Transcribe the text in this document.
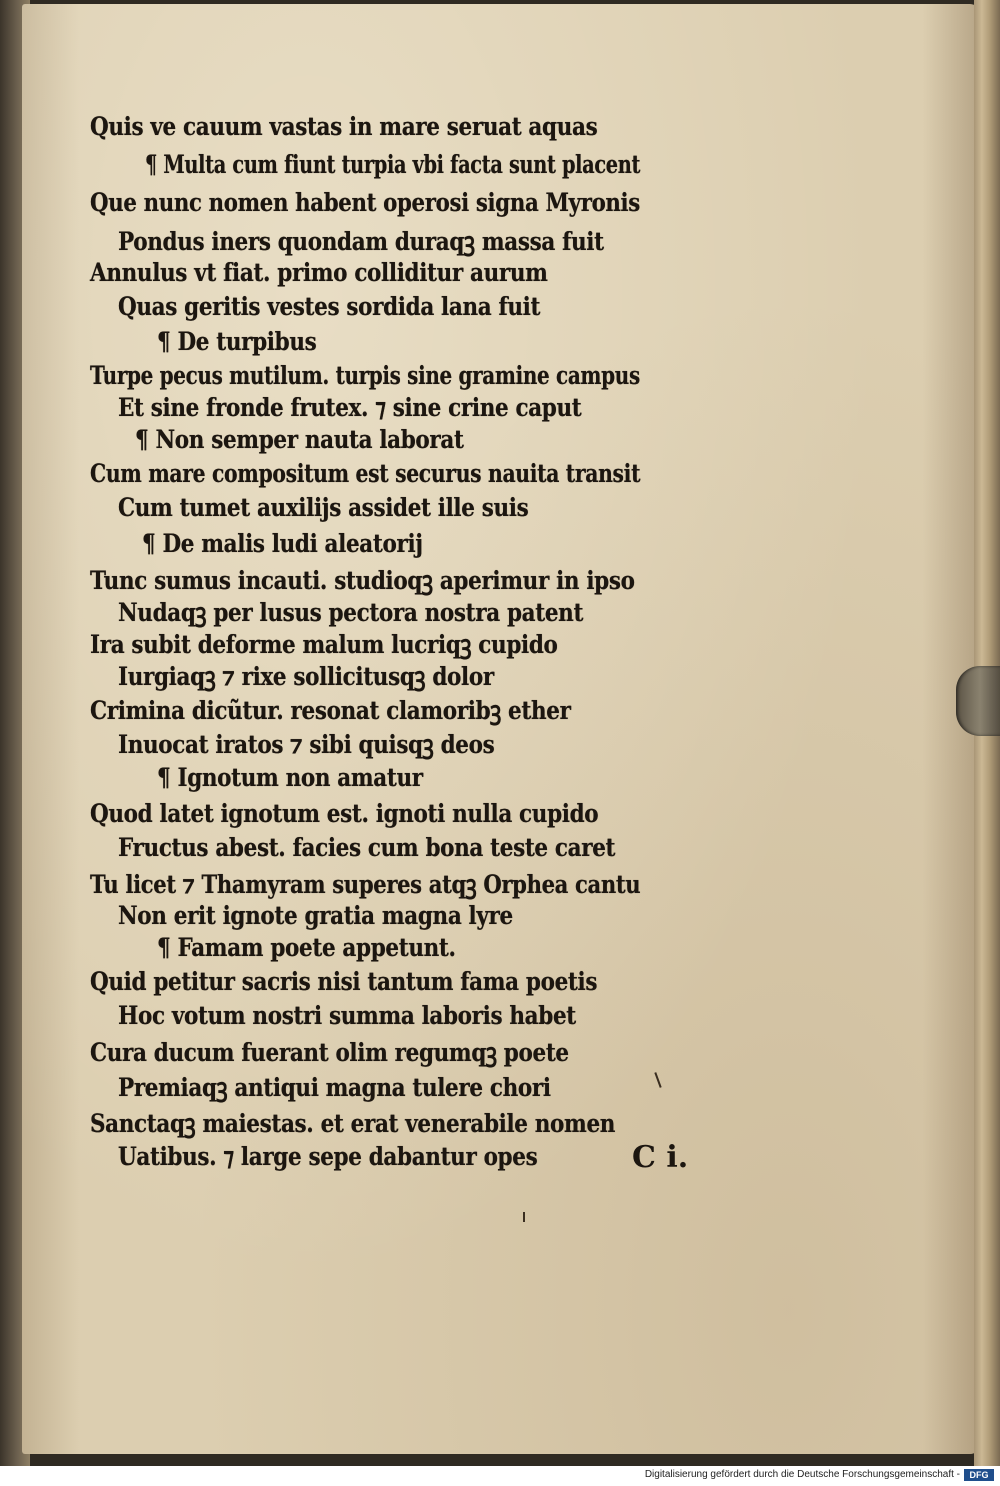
Quis ve cauum vastas in mare seruat aquas
¶ Multa cum fiunt turpia vbi facta sunt placent
Que nunc nomen habent operosi signa Myronis
Pondus iners quondam duraqꝫ massa fuit
Annulus vt fiat. primo colliditur aurum
Quas geritis vestes sordida lana fuit
¶ De turpibus
Turpe pecus mutilum. turpis sine gramine campus
Et sine fronde frutex. ⁊ sine crine caput
¶ Non semper nauta laborat
Cum mare compositum est securus nauita transit
Cum tumet auxilijs assidet ille suis
¶ De malis ludi aleatorij
Tunc sumus incauti. studioqꝫ aperimur in ipso
Nudaqꝫ per lusus pectora nostra patent
Ira subit deforme malum lucriqꝫ cupido
Iurgiaqꝫ ⁊ rixe sollicitusqꝫ dolor
Crimina dicũtur. resonat clamoribꝫ ether
Inuocat iratos ⁊ sibi quisqꝫ deos
¶ Ignotum non amatur
Quod latet ignotum est. ignoti nulla cupido
Fructus abest. facies cum bona teste caret
Tu licet ⁊ Thamyram superes atqꝫ Orphea cantu
Non erit ignote gratia magna lyre
¶ Famam poete appetunt.
Quid petitur sacris nisi tantum fama poetis
Hoc votum nostri summa laboris habet
Cura ducum fuerant olim regumqꝫ poete
Premiaqꝫ antiqui magna tulere chori
Sanctaqꝫ maiestas. et erat venerabile nomen
Uatibus. ⁊ large sepe dabantur opes	C i.
Digitalisierung gefördert durch die Deutsche Forschungsgemeinschaft -	DFG
